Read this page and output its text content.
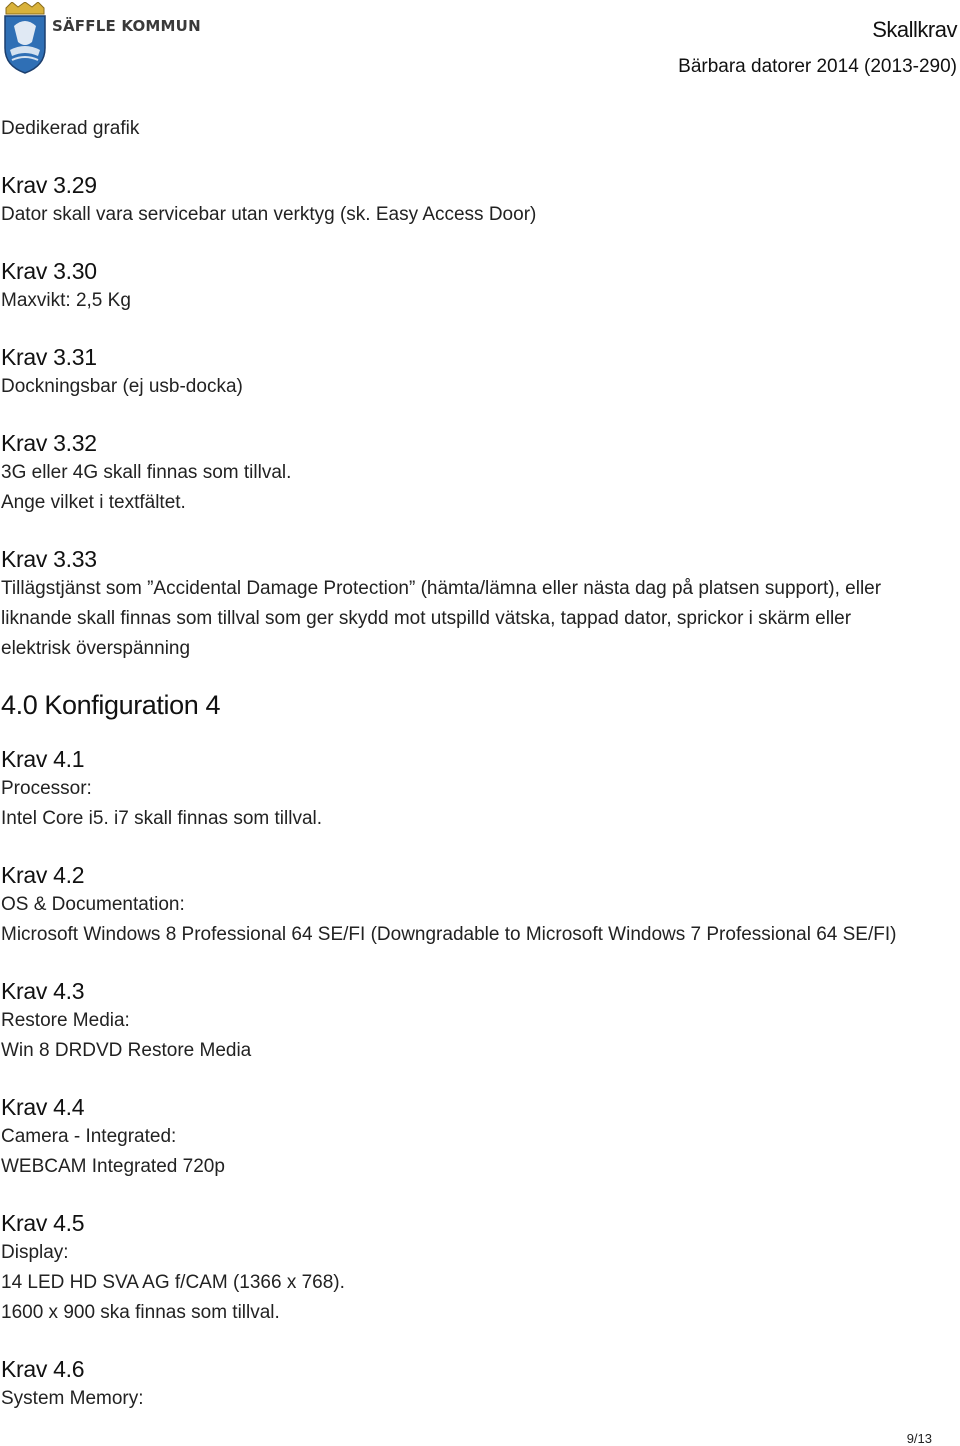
SÄFFLE KOMMUN	Skallkrav
Bärbara datorer 2014 (2013-290)
Dedikerad grafik
Krav 3.29
Dator skall vara servicebar utan verktyg (sk. Easy Access Door)
Krav 3.30
Maxvikt: 2,5 Kg
Krav 3.31
Dockningsbar (ej usb-docka)
Krav 3.32
3G eller 4G skall finnas som tillval.
Ange vilket i textfältet.
Krav 3.33
Tillägstjänst som ”Accidental Damage Protection” (hämta/lämna eller nästa dag på platsen support), eller
liknande skall finnas som tillval som ger skydd mot utspilld vätska, tappad dator, sprickor i skärm eller
elektrisk överspänning
4.0 Konfiguration 4
Krav 4.1
Processor:
Intel Core i5. i7 skall finnas som tillval.
Krav 4.2
OS & Documentation:
Microsoft Windows 8 Professional 64 SE/FI (Downgradable to Microsoft Windows 7 Professional 64 SE/FI)
Krav 4.3
Restore Media:
Win 8 DRDVD Restore Media
Krav 4.4
Camera - Integrated:
WEBCAM Integrated 720p
Krav 4.5
Display:
14 LED HD SVA AG f/CAM (1366 x 768).
1600 x 900 ska finnas som tillval.
Krav 4.6
System Memory:
9/13
